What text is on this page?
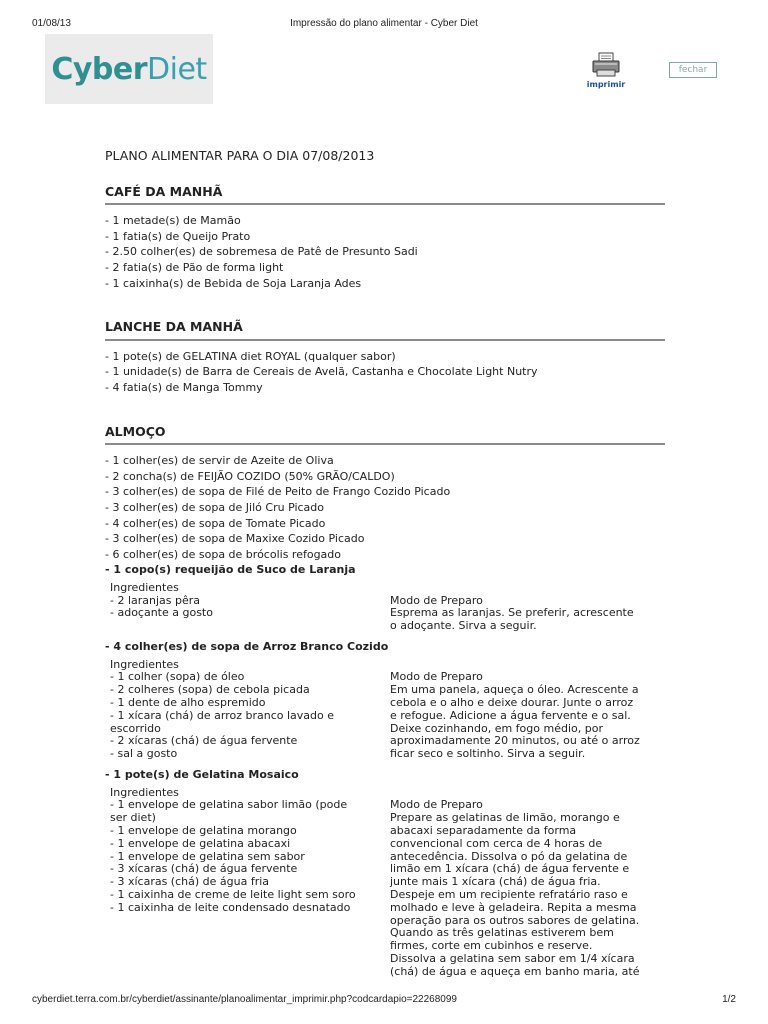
01/08/13	Impressão do plano alimentar - Cyber Diet
Cyber Diet	imprimir
fechar
PLANO ALIMENTAR PARA O DIA 07/08/2013
CAFÉ DA MANHÃ
- 1 metade(s) de Mamão
- 1 fatia(s) de Queijo Prato
- 2.50 colher(es) de sobremesa de Patê de Presunto Sadi
- 2 fatia(s) de Pão de forma light
- 1 caixinha(s) de Bebida de Soja Laranja Ades
LANCHE DA MANHÃ
- 1 pote(s) de GELATINA diet ROYAL (qualquer sabor)
- 1 unidade(s) de Barra de Cereais de Avelã, Castanha e Chocolate Light Nutry
- 4 fatia(s) de Manga Tommy
ALMOÇO
- 1 colher(es) de servir de Azeite de Oliva
- 2 concha(s) de FEIJÃO COZIDO (50% GRÃO/CALDO)
- 3 colher(es) de sopa de Filé de Peito de Frango Cozido Picado
- 3 colher(es) de sopa de Jiló Cru Picado
- 4 colher(es) de sopa de Tomate Picado
- 3 colher(es) de sopa de Maxixe Cozido Picado
- 6 colher(es) de sopa de brócolis refogado
- 1 copo(s) requeijão de Suco de Laranja
Ingredientes
- 2 laranjas pêra
- adoçante a gosto
Modo de Preparo
Esprema as laranjas. Se preferir, acrescente
o adoçante. Sirva a seguir.
- 4 colher(es) de sopa de Arroz Branco Cozido
Ingredientes
- 1 colher (sopa) de óleo
- 2 colheres (sopa) de cebola picada
- 1 dente de alho espremido
- 1 xícara (chá) de arroz branco lavado e
escorrido
- 2 xícaras (chá) de água fervente
- sal a gosto
Modo de Preparo
Em uma panela, aqueça o óleo. Acrescente a
cebola e o alho e deixe dourar. Junte o arroz
e refogue. Adicione a água fervente e o sal.
Deixe cozinhando, em fogo médio, por
aproximadamente 20 minutos, ou até o arroz
ficar seco e soltinho. Sirva a seguir.
- 1 pote(s) de Gelatina Mosaico
Ingredientes
- 1 envelope de gelatina sabor limão (pode
ser diet)
- 1 envelope de gelatina morango
- 1 envelope de gelatina abacaxi
- 1 envelope de gelatina sem sabor
- 3 xícaras (chá) de água fervente
- 3 xícaras (chá) de água fria
- 1 caixinha de creme de leite light sem soro
- 1 caixinha de leite condensado desnatado
Modo de Preparo
Prepare as gelatinas de limão, morango e
abacaxi separadamente da forma
convencional com cerca de 4 horas de
antecedência. Dissolva o pó da gelatina de
limão em 1 xícara (chá) de água fervente e
junte mais 1 xícara (chá) de água fria.
Despeje em um recipiente refratário raso e
molhado e leve à geladeira. Repita a mesma
operação para os outros sabores de gelatina.
Quando as três gelatinas estiverem bem
firmes, corte em cubinhos e reserve.
Dissolva a gelatina sem sabor em 1/4 xícara
(chá) de água e aqueça em banho maria, até
cyberdiet.terra.com.br/cyberdiet/assinante/planoalimentar_imprimir.php?codcardapio=22268099	1/2
